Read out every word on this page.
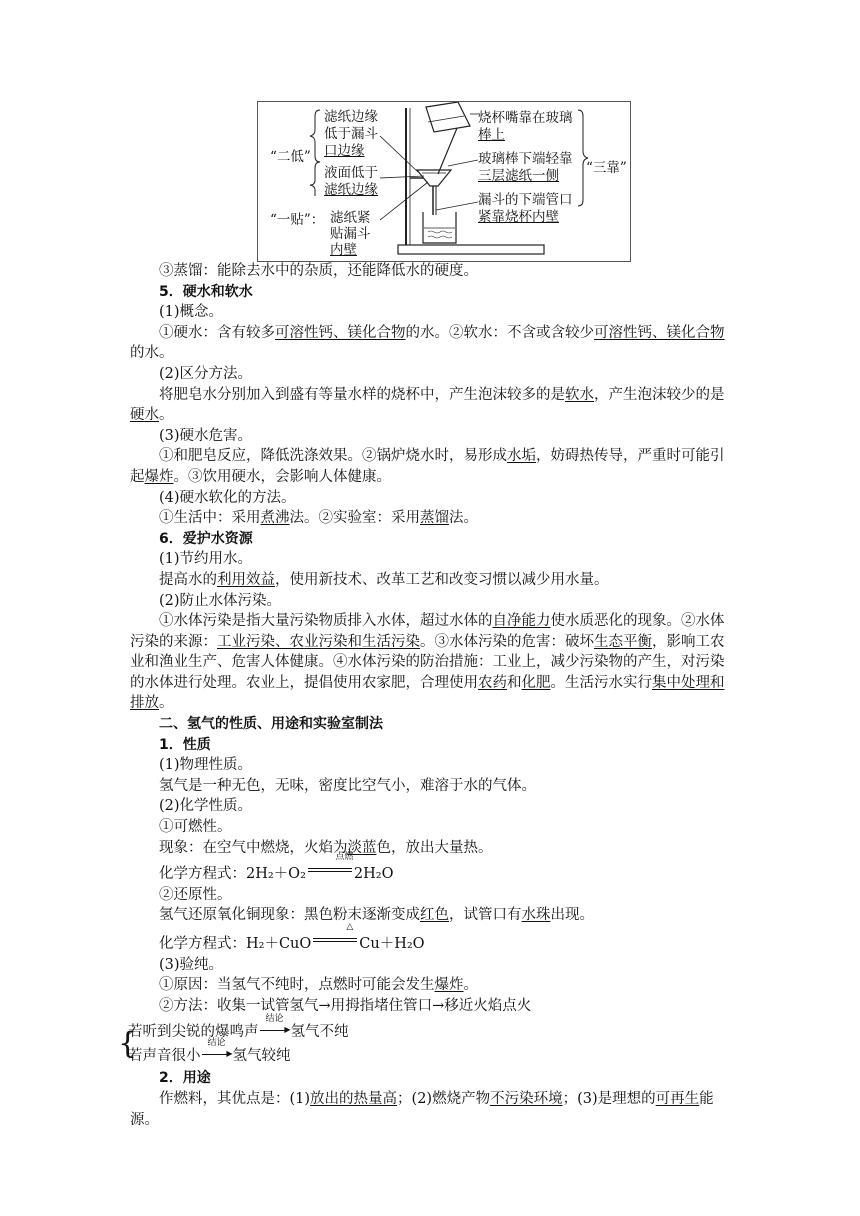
“二低”
“一贴”：
“三靠”
滤纸边缘
低于漏斗
口边缘
液面低于
滤纸边缘
滤纸紧
贴漏斗
内壁
烧杯嘴靠在玻璃
棒上
玻璃棒下端轻靠
三层滤纸一侧
漏斗的下端管口
紧靠烧杯内壁

③蒸馏：能除去水中的杂质，还能降低水的硬度。

5．硬水和软水

(1)概念。

①硬水：含有较多可溶性钙、镁化合物的水。②软水：不含或含较少可溶性钙、镁化合物的水。

(2)区分方法。

将肥皂水分别加入到盛有等量水样的烧杯中，产生泡沫较多的是软水，产生泡沫较少的是硬水。

(3)硬水危害。

①和肥皂反应，降低洗涤效果。②锅炉烧水时，易形成水垢，妨碍热传导，严重时可能引起爆炸。③饮用硬水，会影响人体健康。

(4)硬水软化的方法。

①生活中：采用煮沸法。②实验室：采用蒸馏法。

6．爱护水资源

(1)节约用水。

提高水的利用效益，使用新技术、改革工艺和改变习惯以减少用水量。

(2)防止水体污染。

①水体污染是指大量污染物质排入水体，超过水体的自净能力使水质恶化的现象。②水体污染的来源：工业污染、农业污染和生活污染。③水体污染的危害：破坏生态平衡，影响工农业和渔业生产、危害人体健康。④水体污染的防治措施：工业上，减少污染物的产生，对污染的水体进行处理。农业上，提倡使用农家肥，合理使用农药和化肥。生活污水实行集中处理和排放。

二、氢气的性质、用途和实验室制法

1．性质

(1)物理性质。

氢气是一种无色，无味，密度比空气小，难溶于水的气体。

(2)化学性质。

①可燃性。

现象：在空气中燃烧，火焰为淡蓝色，放出大量热。

化学方程式：2H₂＋O₂
点燃
2H₂O

②还原性。

氢气还原氧化铜现象：黑色粉末逐渐变成红色，试管口有水珠出现。

化学方程式：H₂＋CuO
△
Cu＋H₂O

(3)验纯。

①原因：当氢气不纯时，点燃时可能会发生爆炸。

②方法：收集一试管氢气→用拇指堵住管口→移近火焰点火

{

若听到尖锐的爆鸣声
结论
▶ 氢气不纯

若声音很小
结论
▶ 氢气较纯

2．用途

作燃料，其优点是：(1)放出的热量高；(2)燃烧产物不污染环境；(3)是理想的可再生能源。
